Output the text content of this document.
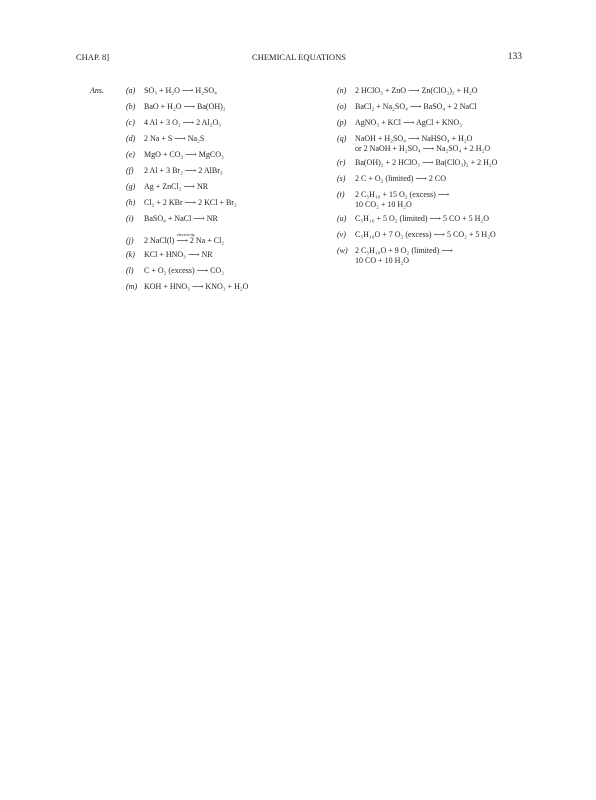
CHAP. 8]	CHEMICAL EQUATIONS	133
Ans.	(a) SO₃ + H₂O ⟶ H₂SO₄
(b) BaO + H₂O ⟶ Ba(OH)₂
(c) 4 Al + 3 O₂ ⟶ 2 Al₂O₃
(d) 2 Na + S ⟶ Na₂S
(e) MgO + CO₂ ⟶ MgCO₃
(f) 2 Al + 3 Br₂ ⟶ 2 AlBr₃
(g) Ag + ZnCl₂ ⟶ NR
(h) Cl₂ + 2 KBr ⟶ 2 KCl + Br₂
(i) BaSO₄ + NaCl ⟶ NR
electricity
(j) 2 NaCl(l) ⟶ 2 Na + Cl₂
(k) KCl + HNO₃ ⟶ NR
(l) C + O₂ (excess) ⟶ CO₂
(m) KOH + HNO₃ ⟶ KNO₃ + H₂O
(n) 2 HClO₃ + ZnO ⟶ Zn(ClO₃)₂ + H₂O
(o) BaCl₂ + Na₂SO₄ ⟶ BaSO₄ + 2 NaCl
(p) AgNO₃ + KCl ⟶ AgCl + KNO₃
(q) NaOH + H₂SO₄ ⟶ NaHSO₄ + H₂O
or 2 NaOH + H₂SO₄ ⟶ Na₂SO₄ + 2 H₂O
(r) Ba(OH)₂ + 2 HClO₃ ⟶ Ba(ClO₃)₂ + 2 H₂O
(s) 2 C + O₂ (limited) ⟶ 2 CO
(t) 2 C₅H₁₀ + 15 O₂ (excess) ⟶
10 CO₂ + 10 H₂O
(u) C₅H₁₀ + 5 O₂ (limited) ⟶ 5 CO + 5 H₂O
(v) C₅H₁₀O + 7 O₂ (excess) ⟶ 5 CO₂ + 5 H₂O
(w) 2 C₅H₁₀O + 9 O₂ (limited) ⟶
10 CO + 10 H₂O
